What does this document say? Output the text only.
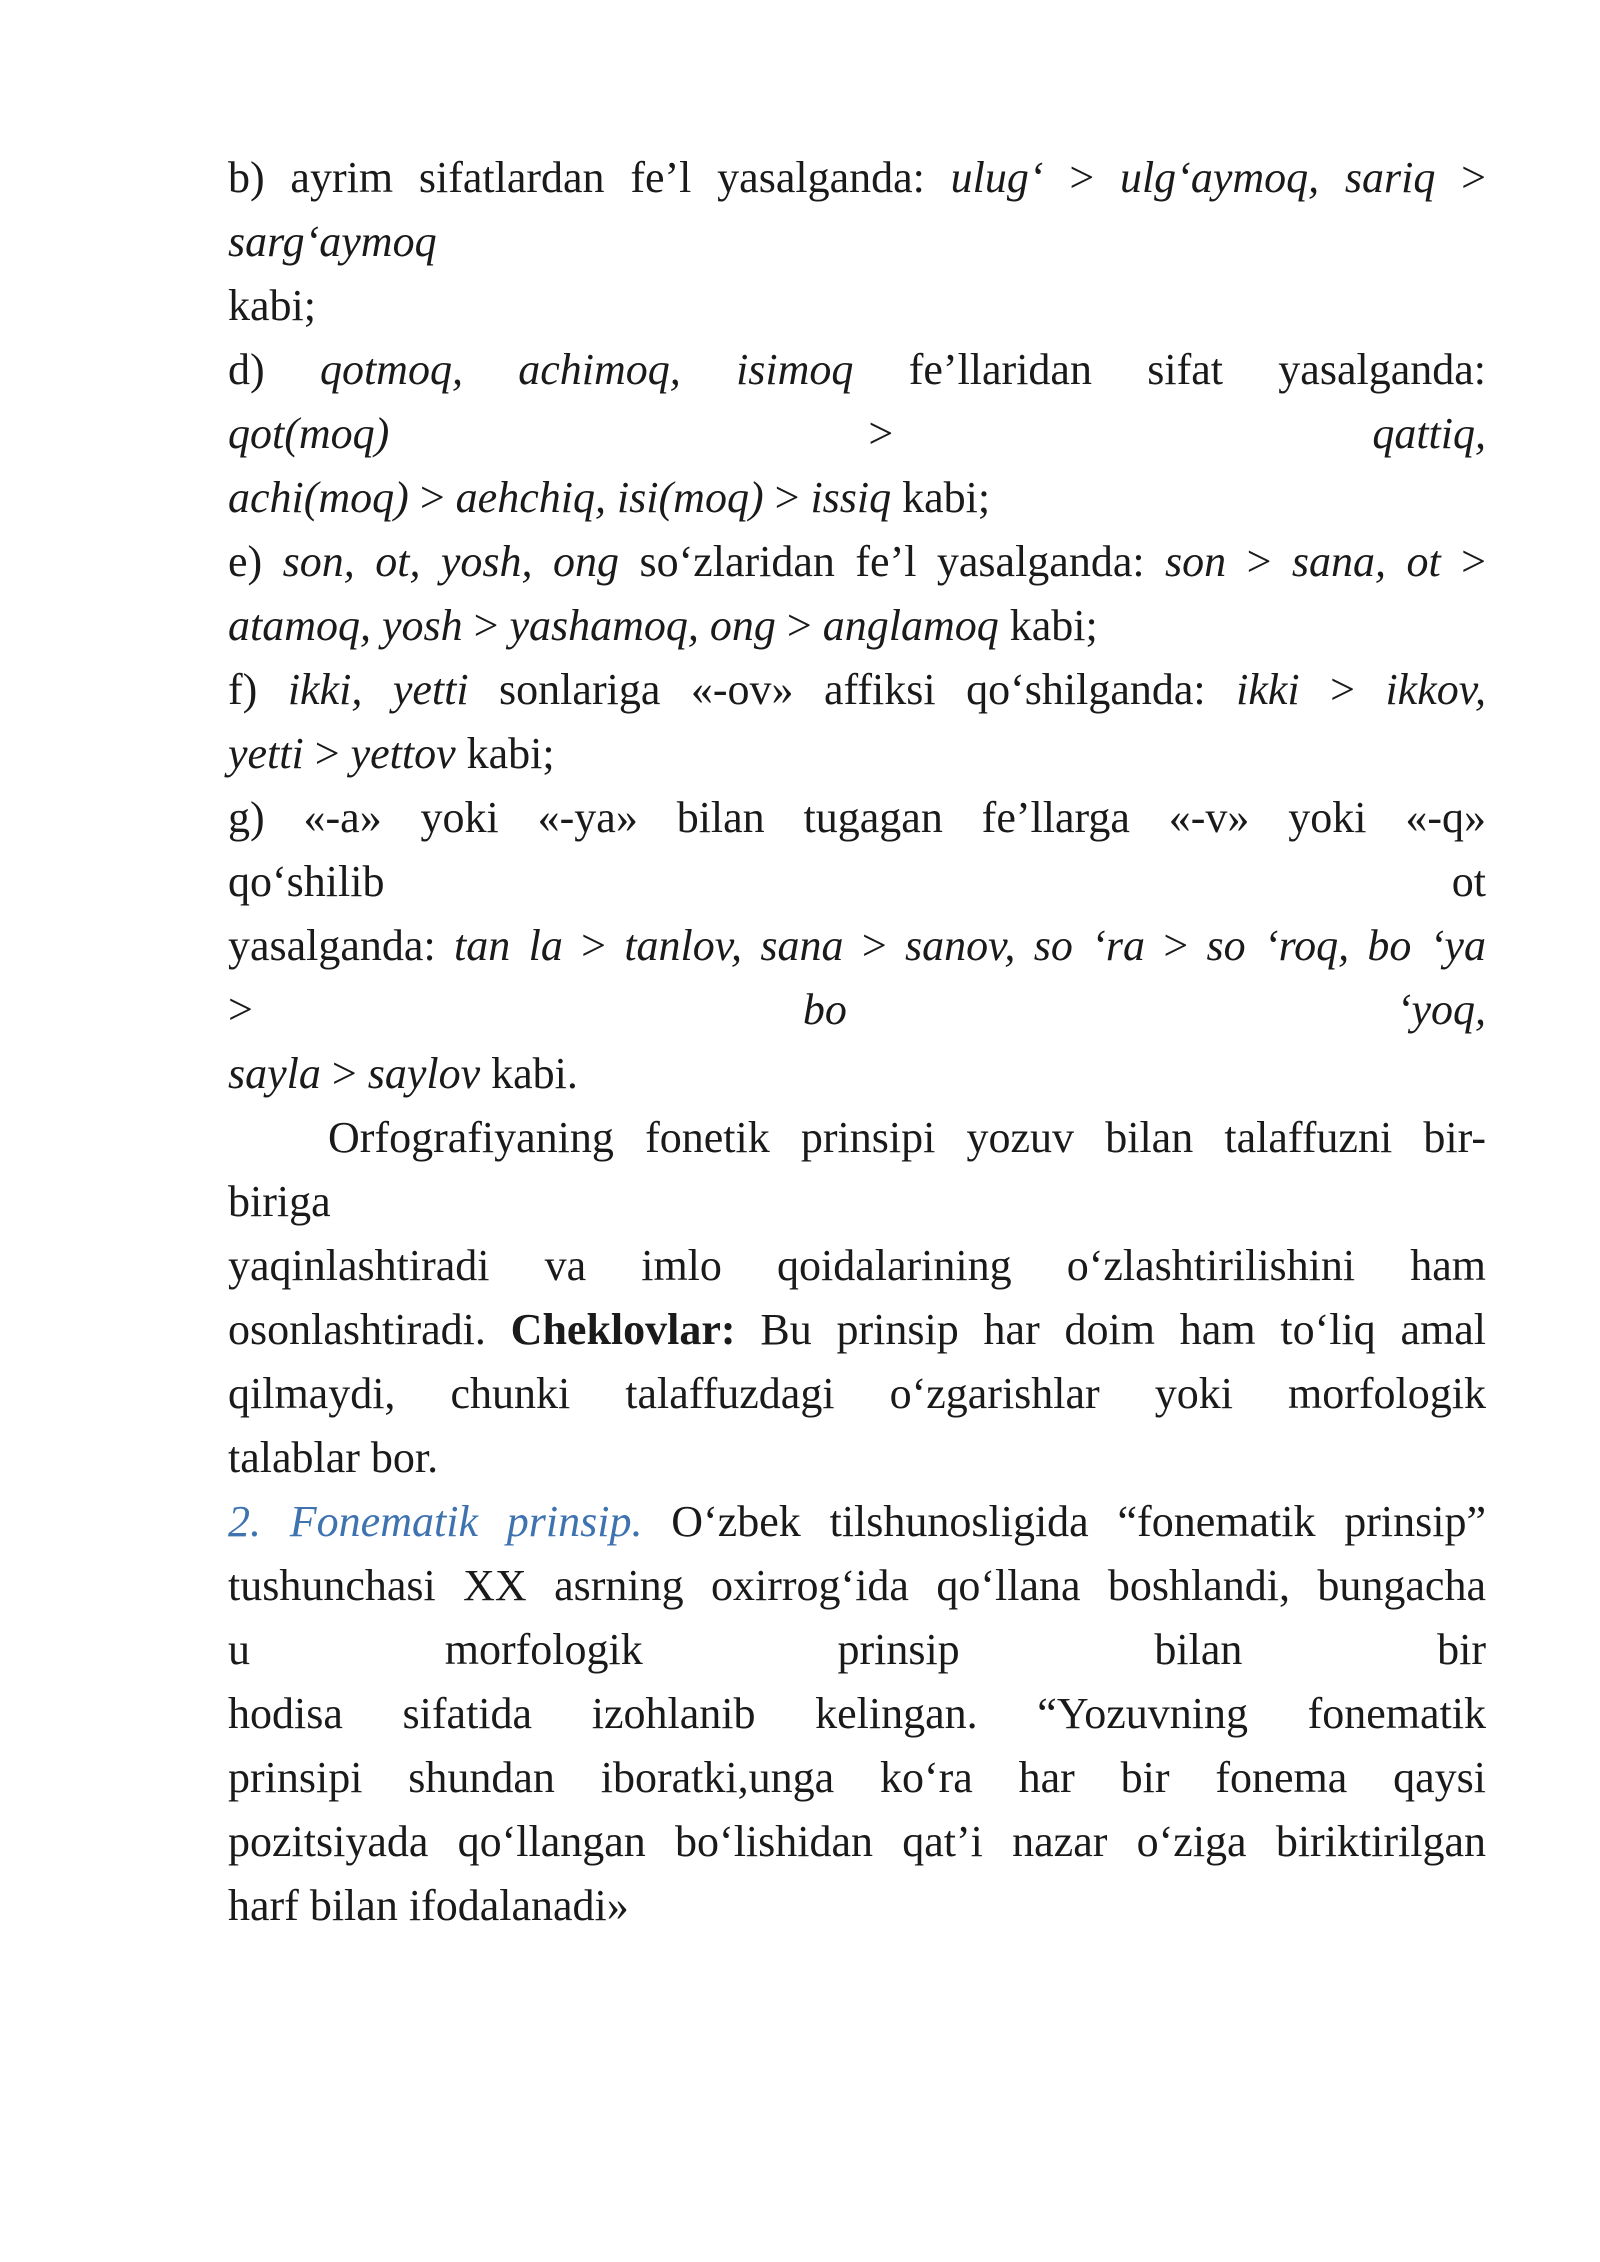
b) ayrim sifatlardan fe’l yasalganda: ulug‘ > ulg‘aymoq, sariq >
sarg‘aymoq
kabi;
d) qotmoq, achimoq, isimoq fe’llaridan sifat yasalganda:
qot(moq) > qattiq,
achi(moq) > aehchiq, isi(moq) > issiq kabi;
e) son, ot, yosh, ong so‘zlaridan fe’l yasalganda: son > sana, ot >
atamoq, yosh > yashamoq, ong > anglamoq kabi;
f) ikki, yetti sonlariga «-ov» affiksi qo‘shilganda: ikki > ikkov,
yetti > yettov kabi;
g) «-a» yoki «-ya» bilan tugagan fe’llarga «-v» yoki «-q»
qo‘shilib ot
yasalganda: tan la > tanlov, sana > sanov, so ‘ra > so ‘roq, bo ‘ya
> bo ‘yoq,
sayla > saylov kabi.
Orfografiyaning fonetik prinsipi yozuv bilan talaffuzni bir-
biriga
yaqinlashtiradi va imlo qoidalarining o‘zlashtirilishini ham
osonlashtiradi. Cheklovlar: Bu prinsip har doim ham to‘liq amal
qilmaydi, chunki talaffuzdagi o‘zgarishlar yoki morfologik
talablar bor.
2. Fonematik prinsip. O‘zbek tilshunosligida “fonematik prinsip”
tushunchasi XX asrning oxirrog‘ida qo‘llana boshlandi, bungacha
u morfologik prinsip bilan bir
hodisa sifatida izohlanib kelingan. “Yozuvning fonematik
prinsipi shundan iboratki,unga ko‘ra har bir fonema qaysi
pozitsiyada qo‘llangan bo‘lishidan qat’i nazar o‘ziga biriktirilgan
harf bilan ifodalanadi»
